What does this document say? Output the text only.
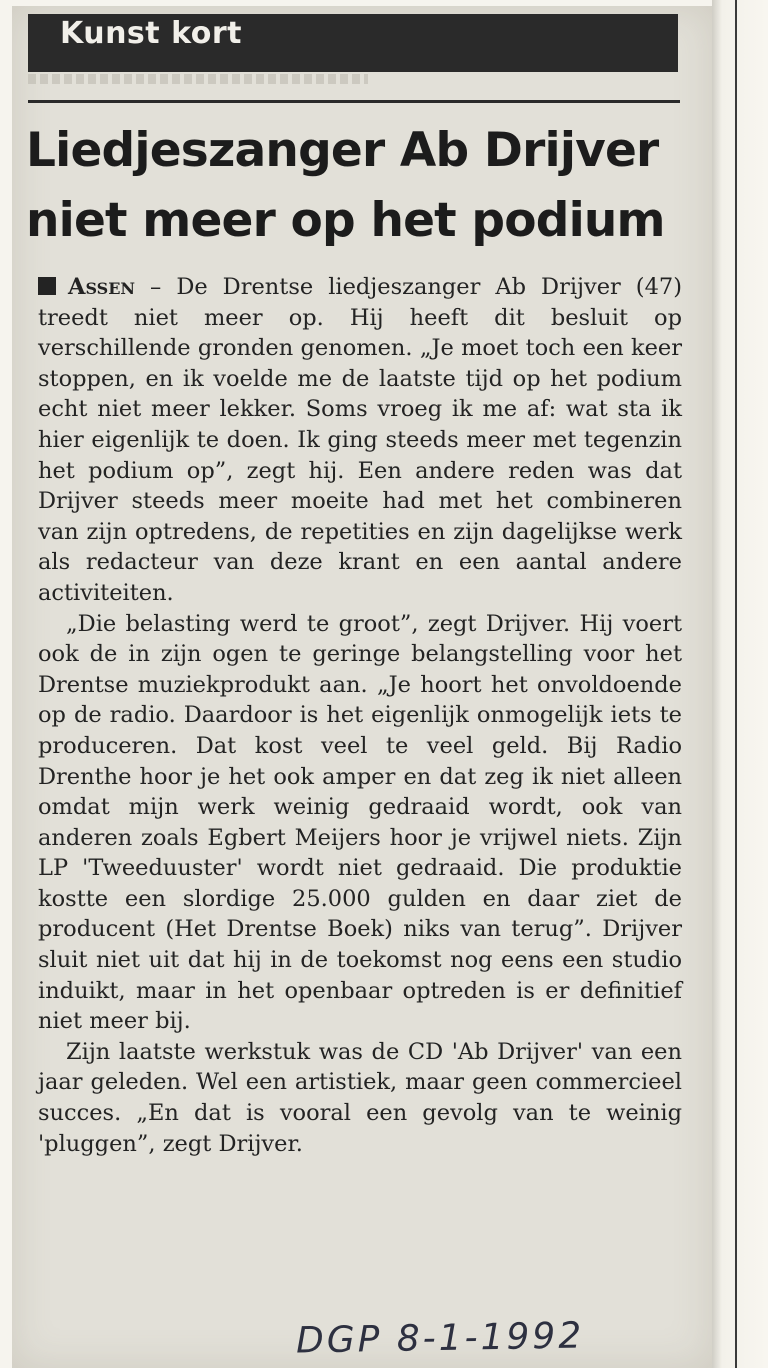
Kunst kort
Liedjeszanger Ab Drijver
niet meer op het podium

Assen – De Drentse liedjeszanger Ab Drijver (47) treedt niet meer op. Hij heeft dit besluit op verschillende gronden genomen. „Je moet toch een keer stoppen, en ik voelde me de laatste tijd op het podium echt niet meer lekker. Soms vroeg ik me af: wat sta ik hier eigenlijk te doen. Ik ging steeds meer met tegenzin het podium op”, zegt hij. Een andere reden was dat Drijver steeds meer moeite had met het combineren van zijn optredens, de repetities en zijn dagelijkse werk als redacteur van deze krant en een aantal andere activiteiten.

„Die belasting werd te groot”, zegt Drijver. Hij voert ook de in zijn ogen te geringe belangstelling voor het Drentse muziekprodukt aan. „Je hoort het onvoldoende op de radio. Daardoor is het eigenlijk onmogelijk iets te produceren. Dat kost veel te veel geld. Bij Radio Drenthe hoor je het ook amper en dat zeg ik niet alleen omdat mijn werk weinig gedraaid wordt, ook van anderen zoals Egbert Meijers hoor je vrijwel niets. Zijn LP 'Tweeduuster' wordt niet gedraaid. Die produktie kostte een slordige 25.000 gulden en daar ziet de producent (Het Drentse Boek) niks van terug”. Drijver sluit niet uit dat hij in de toekomst nog eens een studio induikt, maar in het openbaar optreden is er definitief niet meer bij.

Zijn laatste werkstuk was de CD 'Ab Drijver' van een jaar geleden. Wel een artistiek, maar geen commercieel succes. „En dat is vooral een gevolg van te weinig 'pluggen”, zegt Drijver.

DGP 8-1-1992
